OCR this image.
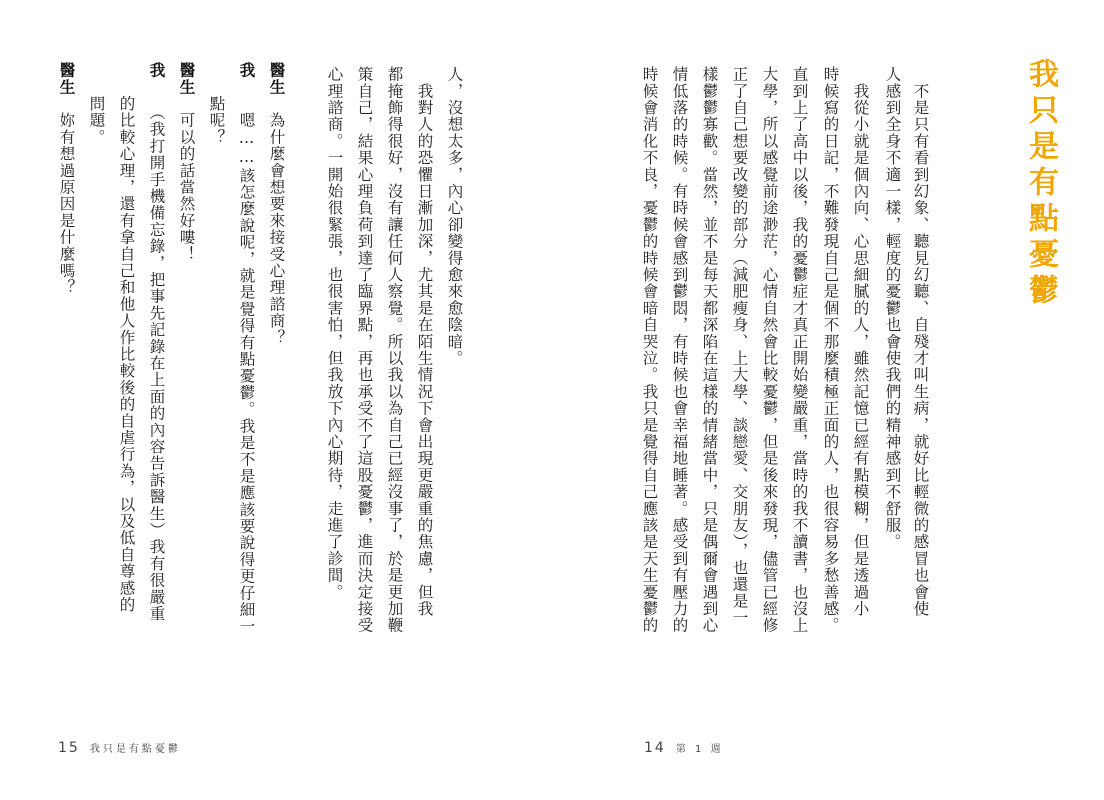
我只是有點憂鬱
　不是只有看到幻象、聽見幻聽、自殘才叫生病，就好比輕微的感冒也會使
人感到全身不適一樣，輕度的憂鬱也會使我們的精神感到不舒服。
　我從小就是個內向、心思細膩的人，雖然記憶已經有點模糊，但是透過小
時候寫的日記，不難發現自己是個不那麼積極正面的人，也很容易多愁善感。
直到上了高中以後，我的憂鬱症才真正開始變嚴重，當時的我不讀書，也沒上
大學，所以感覺前途渺茫，心情自然會比較憂鬱，但是後來發現，儘管已經修
正了自己想要改變的部分（減肥瘦身、上大學、談戀愛、交朋友），也還是一
樣鬱鬱寡歡。當然，並不是每天都深陷在這樣的情緒當中，只是偶爾會遇到心
情低落的時候。有時候會感到鬱悶，有時候也會幸福地睡著。感受到有壓力的
時候會消化不良，憂鬱的時候會暗自哭泣。我只是覺得自己應該是天生憂鬱的
人，沒想太多，內心卻變得愈來愈陰暗。
　我對人的恐懼日漸加深，尤其是在陌生情況下會出現更嚴重的焦慮，但我
都掩飾得很好，沒有讓任何人察覺。所以我以為自己已經沒事了，於是更加鞭
策自己，結果心理負荷到達了臨界點，再也承受不了這股憂鬱，進而決定接受
心理諮商。一開始很緊張，也很害怕，但我放下內心期待，走進了診間。
醫生　為什麼會想要來接受心理諮商？
我　　嗯……該怎麼說呢，就是覺得有點憂鬱。我是不是應該要說得更仔細一
　　點呢？
醫生　可以的話當然好嘍！
我　　（我打開手機備忘錄，把事先記錄在上面的內容告訴醫生）我有很嚴重
　　的比較心理，還有拿自己和他人作比較後的自虐行為，以及低自尊感的
　　問題。
醫生　妳有想過原因是什麼嗎？
15 我只是有點憂鬱	14 第 1 週
